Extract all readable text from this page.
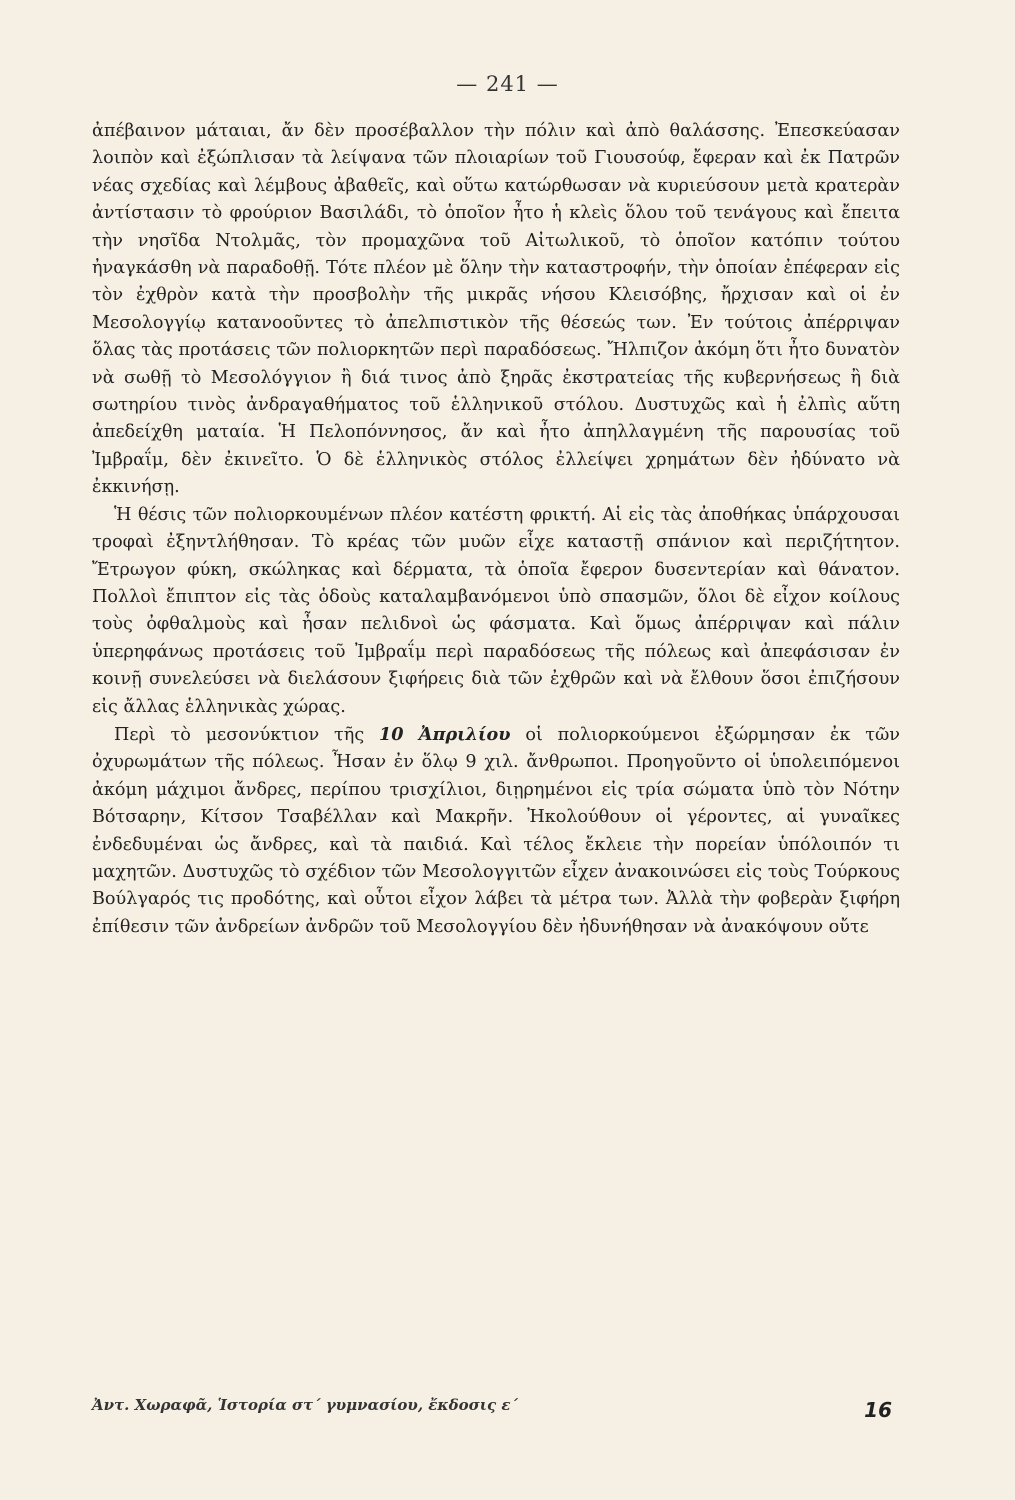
— 241 —

ἀπέβαινον μάταιαι, ἄν δὲν προσέβαλλον τὴν πόλιν καὶ ἀπὸ θαλάσσης. Ἐπεσκεύασαν λοιπὸν καὶ ἐξώπλισαν τὰ λείψανα τῶν πλοιαρίων τοῦ Γιουσούφ, ἔφεραν καὶ ἐκ Πατρῶν νέας σχεδίας καὶ λέμβους ἀβαθεῖς, καὶ οὕτω κατώρθωσαν νὰ κυριεύσουν μετὰ κρατερὰν ἀντίστασιν τὸ φρούριον Βασιλάδι, τὸ ὁποῖον ἦτο ἡ κλεὶς ὅλου τοῦ τενάγους καὶ ἔπειτα τὴν νησῖδα Ντολμᾶς, τὸν προμαχῶνα τοῦ Αἰτωλικοῦ, τὸ ὁποῖον κατόπιν τούτου ἠναγκάσθη νὰ παραδοθῇ. Τότε πλέον μὲ ὅλην τὴν καταστροφήν, τὴν ὁποίαν ἐπέφεραν εἰς τὸν ἐχθρὸν κατὰ τὴν προσβολὴν τῆς μικρᾶς νήσου Κλεισόβης, ἤρχισαν καὶ οἱ ἐν Μεσολογγίῳ κατανοοῦντες τὸ ἀπελπιστικὸν τῆς θέσεώς των. Ἐν τούτοις ἀπέρριψαν ὅλας τὰς προτάσεις τῶν πολιορκητῶν περὶ παραδόσεως. Ἤλπιζον ἀκόμη ὅτι ἦτο δυνατὸν νὰ σωθῇ τὸ Μεσολόγγιον ἢ διά τινος ἀπὸ ξηρᾶς ἐκστρατείας τῆς κυβερνήσεως ἢ διὰ σωτηρίου τινὸς ἀνδραγαθήματος τοῦ ἑλληνικοῦ στόλου. Δυστυχῶς καὶ ἡ ἐλπὶς αὕτη ἀπεδείχθη ματαία. Ἡ Πελοπόννησος, ἄν καὶ ἦτο ἀπηλλαγμένη τῆς παρουσίας τοῦ Ἰμβραΐμ, δὲν ἐκινεῖτο. Ὁ δὲ ἑλληνικὸς στόλος ἐλλείψει χρημάτων δὲν ἠδύνατο νὰ ἐκκινήσῃ.

Ἡ θέσις τῶν πολιορκουμένων πλέον κατέστη φρικτή. Αἱ εἰς τὰς ἀποθήκας ὑπάρχουσαι τροφαὶ ἐξηντλήθησαν. Τὸ κρέας τῶν μυῶν εἶχε καταστῇ σπάνιον καὶ περιζήτητον. Ἔτρωγον φύκη, σκώληκας καὶ δέρματα, τὰ ὁποῖα ἔφερον δυσεντερίαν καὶ θάνατον. Πολλοὶ ἔπιπτον εἰς τὰς ὁδοὺς καταλαμβανόμενοι ὑπὸ σπασμῶν, ὅλοι δὲ εἶχον κοίλους τοὺς ὀφθαλμοὺς καὶ ἦσαν πελιδνοὶ ὡς φάσματα. Καὶ ὅμως ἀπέρριψαν καὶ πάλιν ὑπερηφάνως προτάσεις τοῦ Ἰμβραΐμ περὶ παραδόσεως τῆς πόλεως καὶ ἀπεφάσισαν ἐν κοινῇ συνελεύσει νὰ διελάσουν ξιφήρεις διὰ τῶν ἐχθρῶν καὶ νὰ ἔλθουν ὅσοι ἐπιζήσουν εἰς ἄλλας ἑλληνικὰς χώρας.

Περὶ τὸ μεσονύκτιον τῆς 10 Ἀπριλίου οἱ πολιορκούμενοι ἐξώρμησαν ἐκ τῶν ὀχυρωμάτων τῆς πόλεως. Ἦσαν ἐν ὅλῳ 9 χιλ. ἄνθρωποι. Προηγοῦντο οἱ ὑπολειπόμενοι ἀκόμη μάχιμοι ἄνδρες, περίπου τρισχίλιοι, διῃρημένοι εἰς τρία σώματα ὑπὸ τὸν Νότην Βότσαρην, Κίτσον Τσαβέλλαν καὶ Μακρῆν. Ἠκολούθουν οἱ γέροντες, αἱ γυναῖκες ἐνδεδυμέναι ὡς ἄνδρες, καὶ τὰ παιδιά. Καὶ τέλος ἔκλειε τὴν πορείαν ὑπόλοιπόν τι μαχητῶν. Δυστυχῶς τὸ σχέδιον τῶν Μεσολογγιτῶν εἶχεν ἀνακοινώσει εἰς τοὺς Τούρκους Βούλγαρός τις προδότης, καὶ οὗτοι εἶχον λάβει τὰ μέτρα των. Ἀλλὰ τὴν φοβερὰν ξιφήρη ἐπίθεσιν τῶν ἀνδρείων ἀνδρῶν τοῦ Μεσολογγίου δὲν ἠδυνήθησαν νὰ ἀνακόψουν οὔτε

Ἀντ. Χωραφᾶ, Ἱστορία στ΄ γυμνασίου, ἔκδοσις ε΄	16
